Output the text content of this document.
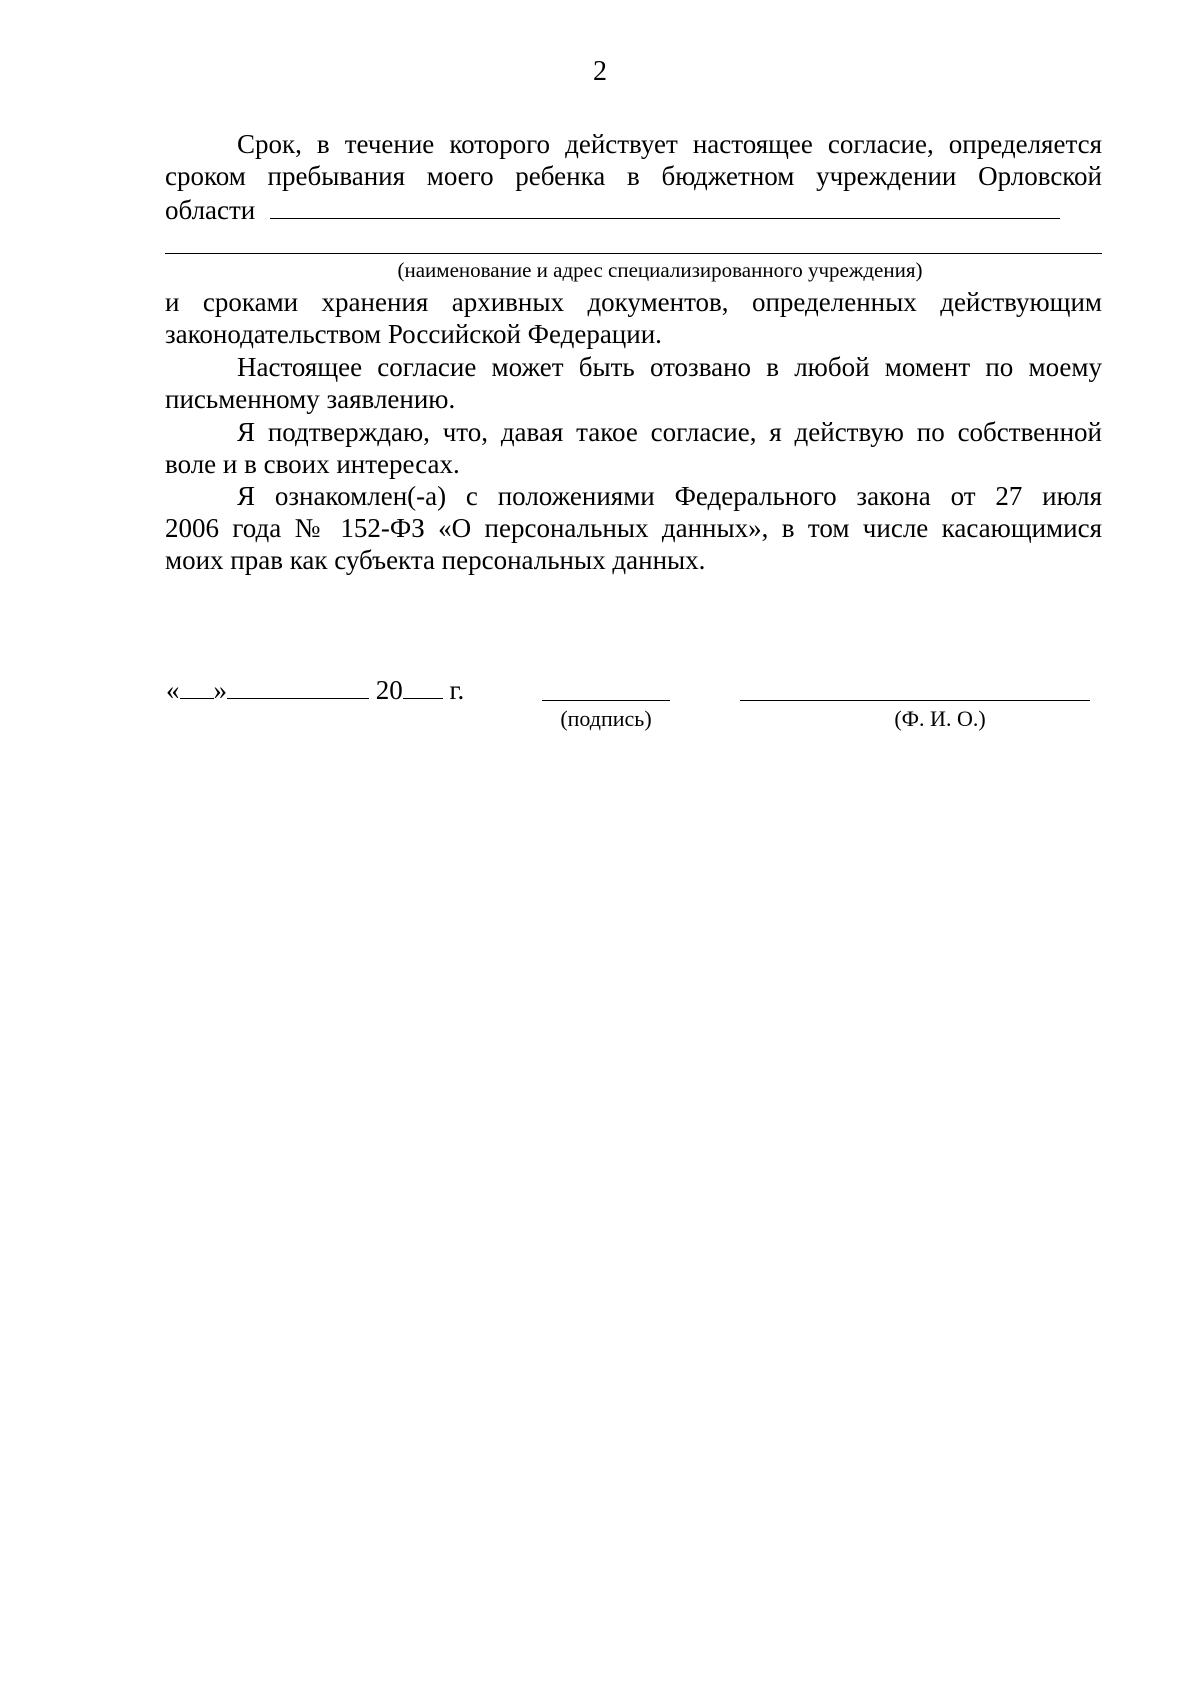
2
Срок, в течение которого действует настоящее согласие, определяется
сроком пребывания моего ребенка в бюджетном учреждении Орловской
области
(наименование и адрес специализированного учреждения)
и сроками хранения архивных документов, определенных действующим
законодательством Российской Федерации.
Настоящее согласие может быть отозвано в любой момент по моему
письменному заявлению.
Я подтверждаю, что, давая такое согласие, я действую по собственной
воле и в своих интересах.
Я ознакомлен(-а) с положениями Федерального закона от 27 июля
2006 года № 152-ФЗ «О персональных данных», в том числе касающимися
моих прав как субъекта персональных данных.
« »	20 г.
(подпись)	(Ф. И. О.)
